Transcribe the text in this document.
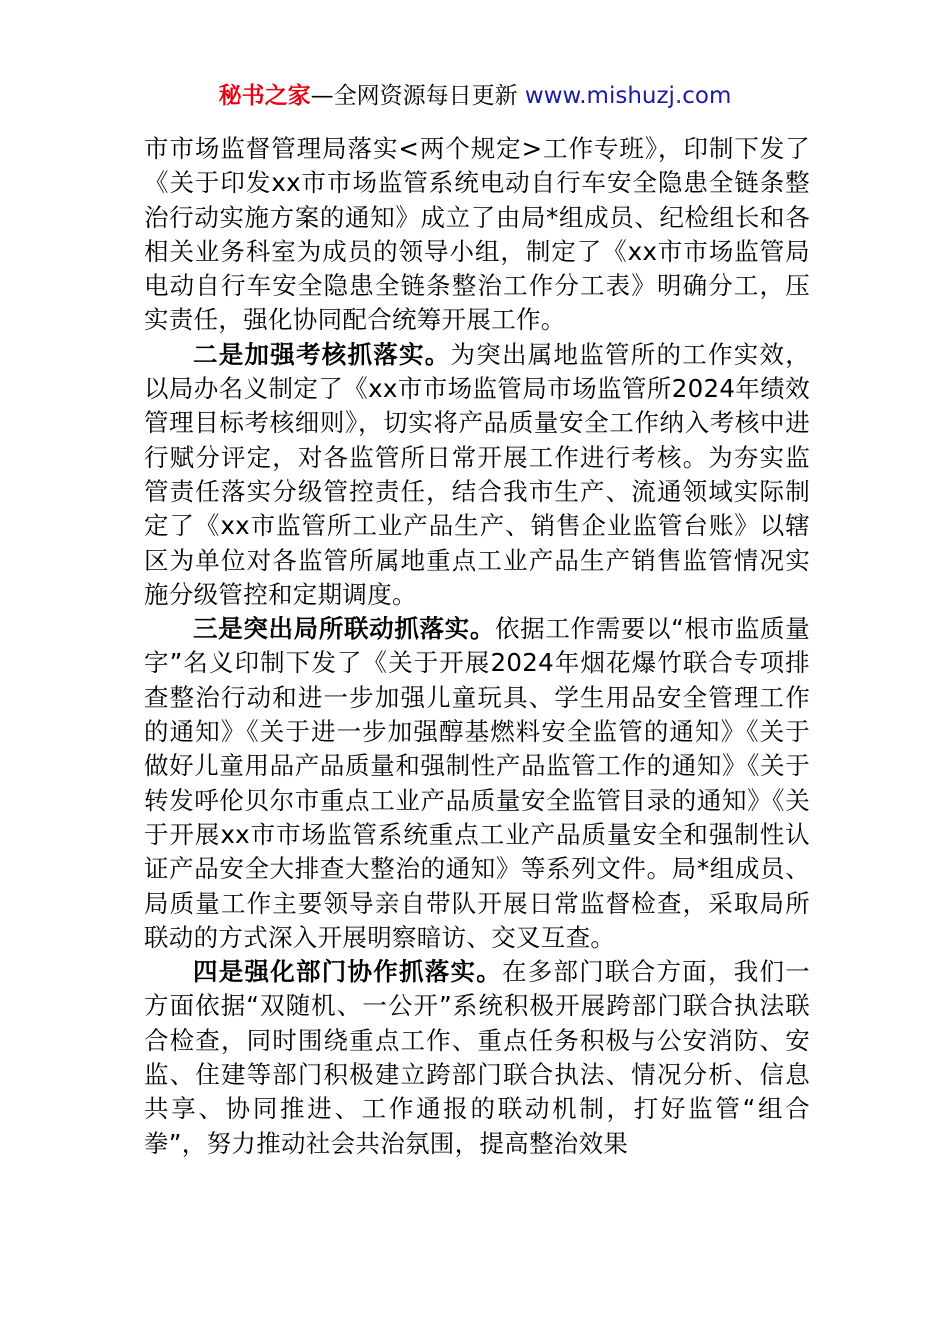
秘书之家—全网资源每日更新 www.mishuzj.com

市市场监督管理局落实<两个规定>工作专班》，印制下发了《关于印发xx市市场监管系统电动自行车安全隐患全链条整治行动实施方案的通知》成立了由局*组成员、纪检组长和各相关业务科室为成员的领导小组，制定了《xx市市场监管局电动自行车安全隐患全链条整治工作分工表》明确分工，压实责任，强化协同配合统筹开展工作。

二是加强考核抓落实。为突出属地监管所的工作实效，以局办名义制定了《xx市市场监管局市场监管所2024年绩效管理目标考核细则》，切实将产品质量安全工作纳入考核中进行赋分评定，对各监管所日常开展工作进行考核。为夯实监管责任落实分级管控责任，结合我市生产、流通领域实际制定了《xx市监管所工业产品生产、销售企业监管台账》以辖区为单位对各监管所属地重点工业产品生产销售监管情况实施分级管控和定期调度。

三是突出局所联动抓落实。依据工作需要以“根市监质量字”名义印制下发了《关于开展2024年烟花爆竹联合专项排查整治行动和进一步加强儿童玩具、学生用品安全管理工作的通知》《关于进一步加强醇基燃料安全监管的通知》《关于做好儿童用品产品质量和强制性产品监管工作的通知》《关于转发呼伦贝尔市重点工业产品质量安全监管目录的通知》《关于开展xx市市场监管系统重点工业产品质量安全和强制性认证产品安全大排查大整治的通知》等系列文件。局*组成员、局质量工作主要领导亲自带队开展日常监督检查，采取局所联动的方式深入开展明察暗访、交叉互查。

四是强化部门协作抓落实。在多部门联合方面，我们一方面依据“双随机、一公开”系统积极开展跨部门联合执法联合检查，同时围绕重点工作、重点任务积极与公安消防、安监、住建等部门积极建立跨部门联合执法、情况分析、信息共享、协同推进、工作通报的联动机制，打好监管“组合拳”，努力推动社会共治氛围，提高整治效果
